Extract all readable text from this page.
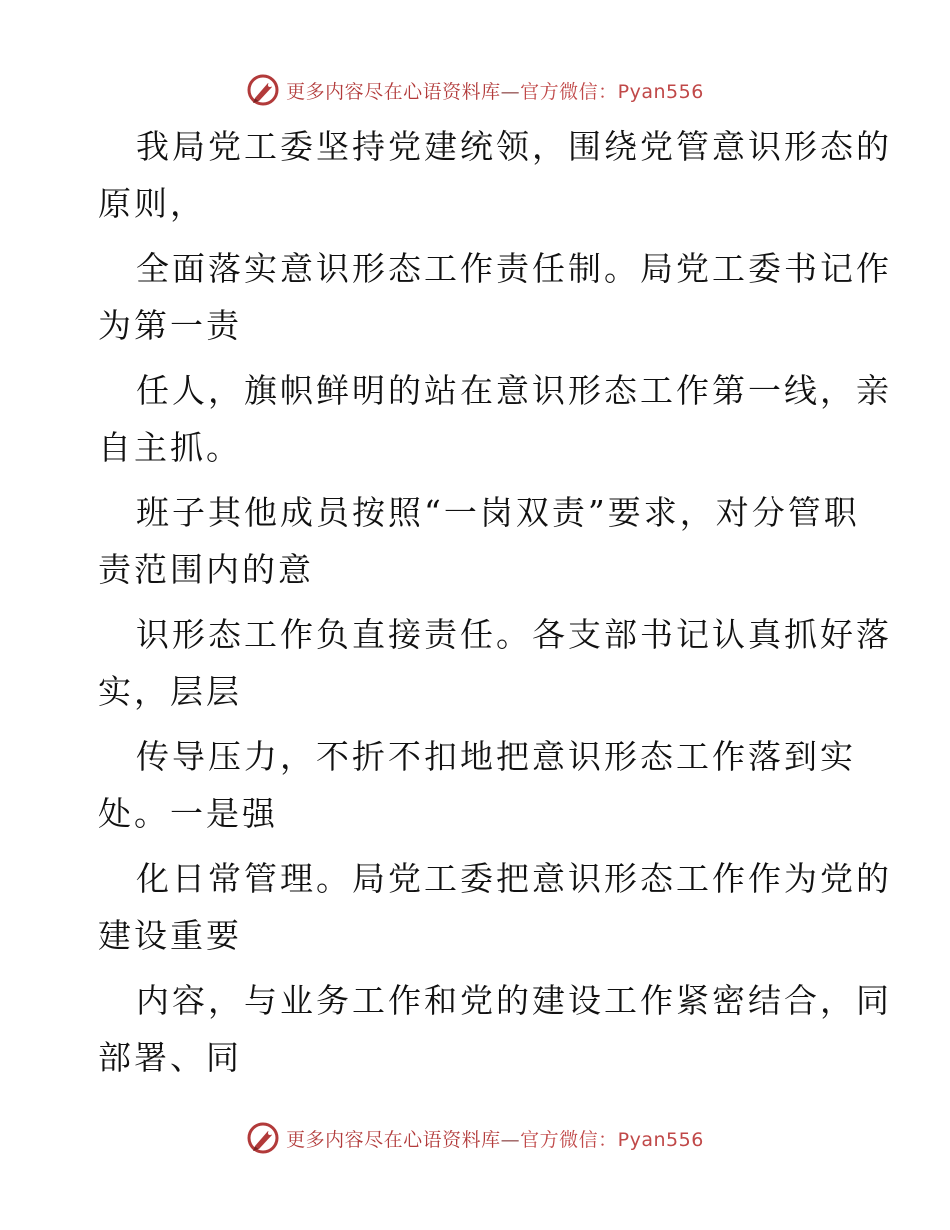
更多内容尽在心语资料库—官方微信：Pyan556
我局党工委坚持党建统领，围绕党管意识形态的
原则，
全面落实意识形态工作责任制。局党工委书记作
为第一责
任人，旗帜鲜明的站在意识形态工作第一线，亲
自主抓。
班子其他成员按照“一岗双责”要求，对分管职
责范围内的意
识形态工作负直接责任。各支部书记认真抓好落
实，层层
传导压力，不折不扣地把意识形态工作落到实
处。一是强
化日常管理。局党工委把意识形态工作作为党的
建设重要
内容，与业务工作和党的建设工作紧密结合，同
部署、同
更多内容尽在心语资料库—官方微信：Pyan556
